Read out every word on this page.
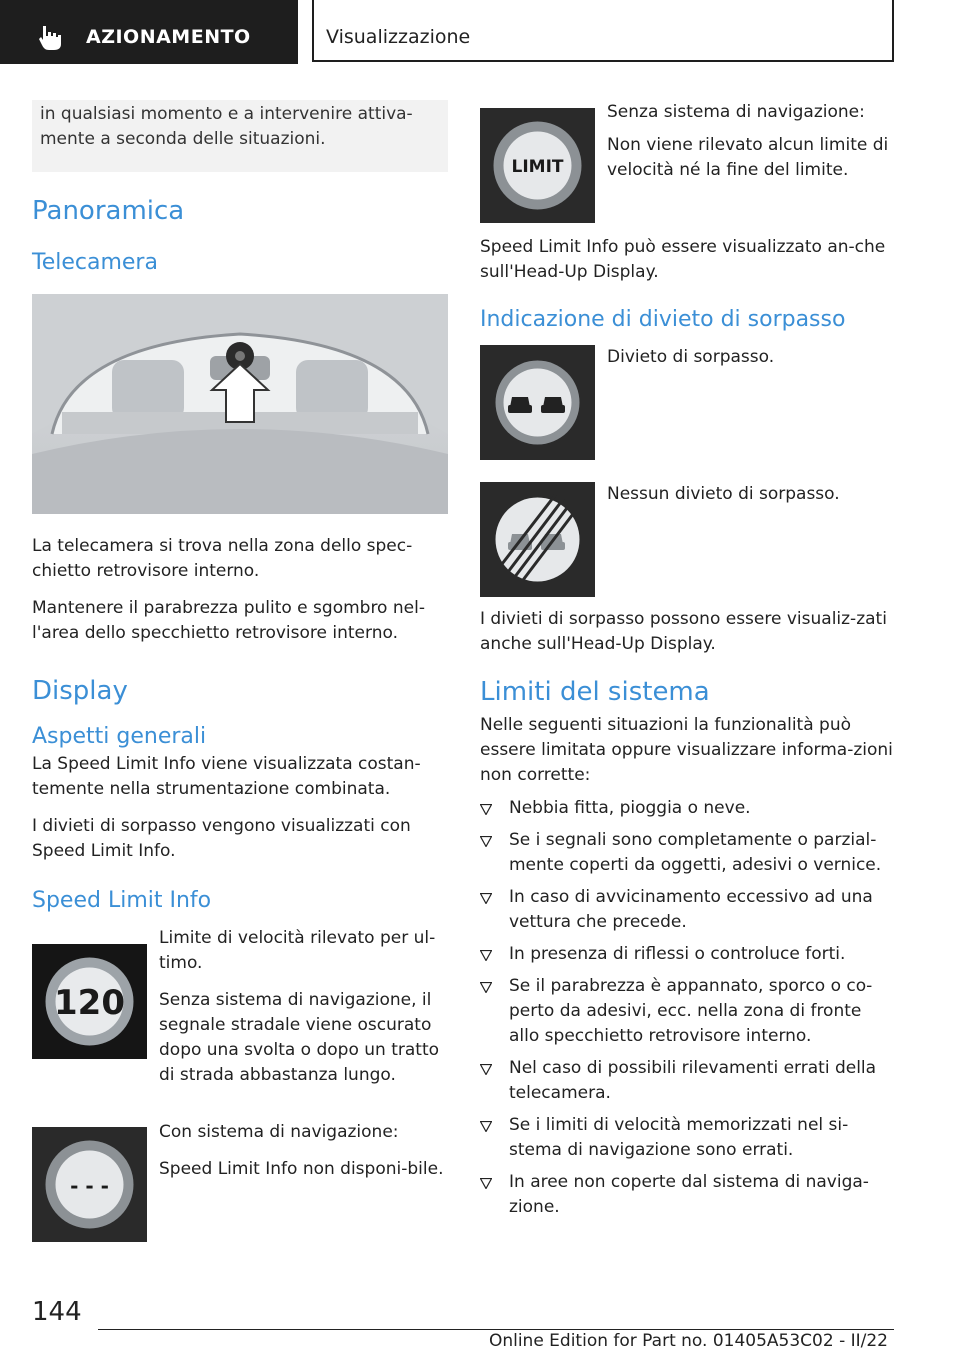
AZIONAMENTO	Visualizzazione

in qualsiasi momento e a intervenire attiva‐mente a seconda delle situazioni.

Panoramica
Telecamera

La telecamera si trova nella zona dello spec‐chietto retrovisore interno.

Mantenere il parabrezza pulito e sgombro nel‐l'area dello specchietto retrovisore interno.

Display
Aspetti generali

La Speed Limit Info viene visualizzata costan‐temente nella strumentazione combinata.

I divieti di sorpasso vengono visualizzati con Speed Limit Info.

Speed Limit Info
120

Limite di velocità rilevato per ul‐timo.

Senza sistema di navigazione, il segnale stradale viene oscurato dopo una svolta o dopo un tratto di strada abbastanza lungo.

- - -

Con sistema di navigazione:

Speed Limit Info non disponi‐bile.

LIMIT

Senza sistema di navigazione:

Non viene rilevato alcun limite di velocità né la fine del limite.

Speed Limit Info può essere visualizzato an‐che sull'Head-Up Display.

Indicazione di divieto di sorpasso

Divieto di sorpasso.

Nessun divieto di sorpasso.

I divieti di sorpasso possono essere visualiz‐zati anche sull'Head-Up Display.

Limiti del sistema

Nelle seguenti situazioni la funzionalità può essere limitata oppure visualizzare informa‐zioni non corrette:

Nebbia fitta, pioggia o neve.
Se i segnali sono completamente o parzial‐mente coperti da oggetti, adesivi o vernice.
In caso di avvicinamento eccessivo ad una vettura che precede.
In presenza di riflessi o controluce forti.
Se il parabrezza è appannato, sporco o co‐perto da adesivi, ecc. nella zona di fronte allo specchietto retrovisore interno.
Nel caso di possibili rilevamenti errati della telecamera.
Se i limiti di velocità memorizzati nel si‐stema di navigazione sono errati.
In aree non coperte dal sistema di naviga‐zione.
144
Online Edition for Part no. 01405A53C02 - II/22
